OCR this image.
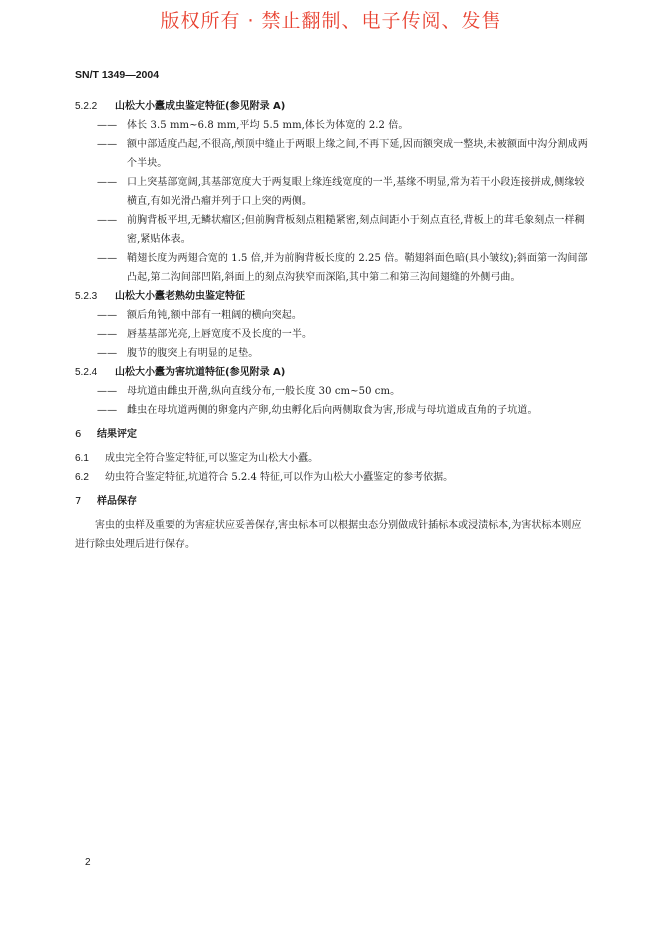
版权所有 · 禁止翻制、电子传阅、发售
SN/T 1349—2004
5.2.2 山松大小蠹成虫鉴定特征(参见附录 A)
—— 体长 3.5 mm~6.8 mm,平均 5.5 mm,体长为体宽的 2.2 倍。
—— 额中部适度凸起,不很高,颅顶中缝止于两眼上缘之间,不再下延,因而额突成一整块,未被额面中沟分割成两个半块。
—— 口上突基部宽阔,其基部宽度大于两复眼上缘连线宽度的一半,基缘不明显,常为若干小段连接拼成,侧缘较横直,有如光滑凸瘤并列于口上突的两侧。
—— 前胸背板平坦,无鳞状瘤区;但前胸背板刻点粗糙紧密,刻点间距小于刻点直径,背板上的茸毛象刻点一样稠密,紧贴体表。
—— 鞘翅长度为两翅合宽的 1.5 倍,并为前胸背板长度的 2.25 倍。鞘翅斜面色暗(具小皱纹);斜面第一沟间部凸起,第二沟间部凹陷,斜面上的刻点沟狭窄而深陷,其中第二和第三沟间翅缝的外侧弓曲。
5.2.3 山松大小蠹老熟幼虫鉴定特征
—— 额后角钝,额中部有一粗阔的横向突起。
—— 唇基基部光亮,上唇宽度不及长度的一半。
—— 腹节的腹突上有明显的足垫。
5.2.4 山松大小蠹为害坑道特征(参见附录 A)
—— 母坑道由雌虫开凿,纵向直线分布,一般长度 30 cm~50 cm。
—— 雌虫在母坑道两侧的卵龛内产卵,幼虫孵化后向两侧取食为害,形成与母坑道成直角的子坑道。
6 结果评定
6.1 成虫完全符合鉴定特征,可以鉴定为山松大小蠹。
6.2 幼虫符合鉴定特征,坑道符合 5.2.4 特征,可以作为山松大小蠹鉴定的参考依据。
7 样品保存
害虫的虫样及重要的为害症状应妥善保存,害虫标本可以根据虫态分别做成针插标本或浸渍标本,为害状标本则应进行除虫处理后进行保存。
2
